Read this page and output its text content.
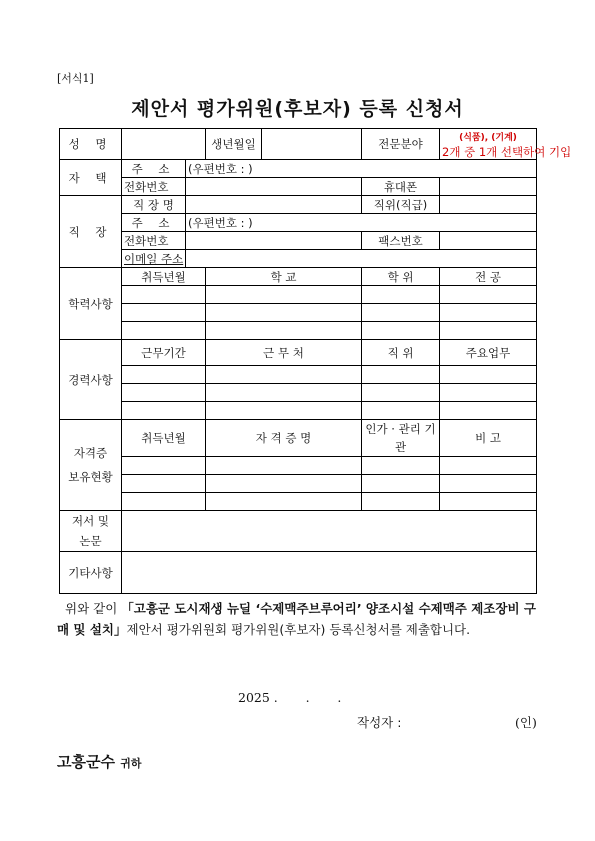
[서식1]
제안서 평가위원(후보자) 등록 신청서
성 명			생년월일		전문분야	(식품), (기계)
2개 중 1개 선택하여 기입
자 택	주 소	(우편번호 : )				
	전화번호				휴대폰	
직 장	직 장 명				직위(직급)	
	주 소	(우편번호 : )				
	전화번호				팩스번호	
	이메일 주소					
학력사항	취득년월		학 교		학 위	전 공

경력사항	근무기간		근 무 처		직 위	주요업무

자격증
보유현황	취득년월		자 격 증 명		인가 · 관리 기관	비 고

저서 및
논문						
기타사항						
위와 같이 「고흥군 도시재생 뉴딜 ‘수제맥주브루어리’ 양조시설 수제맥주 제조장비 구매 및 설치」제안서 평가위원회 평가위원(후보자) 등록신청서를 제출합니다.
2025 .       .       .
작성자 :	(인)
고흥군수 귀하
